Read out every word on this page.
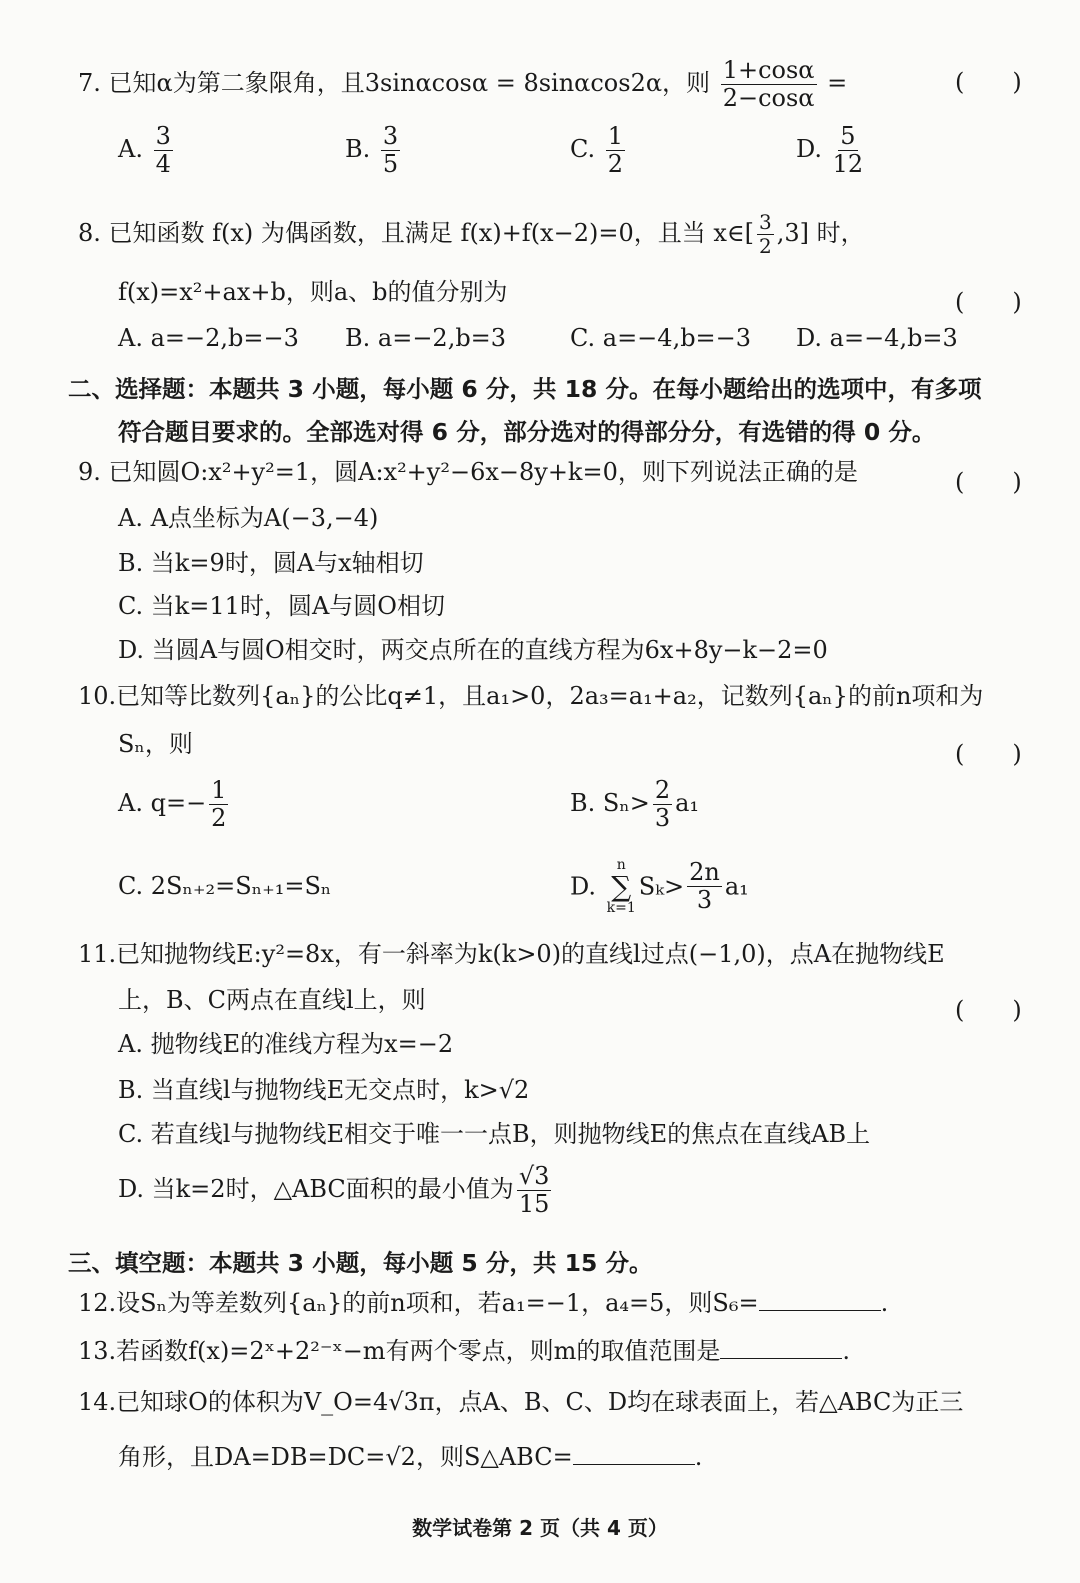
7. 已知α为第二象限角，且3sinαcosα = 8sinαcos2α，则 $\frac{1+\cos\alpha}{2-\cos\alpha}$ =	(　　)
A. $\frac{3}{4}$	B. $\frac{3}{5}$	C. $\frac{1}{2}$	D. $\frac{5}{12}$
8. 已知函数 f(x) 为偶函数，且满足 f(x)+f(x−2)=0，且当 x∈[ $\frac{3}{2} ,3$] 时，
f(x)=x²+ax+b，则a、b的值分别为	(　　)
A. a=−2,b=−3 B. a=−2,b=3	C. a=−4,b=−3 D. a=−4,b=3
二、选择题：本题共 3 小题，每小题 6 分，共 18 分。在每小题给出的选项中，有多项
符合题目要求的。全部选对得 6 分，部分选对的得部分分，有选错的得 0 分。
9. 已知圆O:x²+y²=1，圆A:x²+y²−6x−8y+k=0，则下列说法正确的是	(　　)
A. A点坐标为A(−3,−4)
B. 当k=9时，圆A与x轴相切
C. 当k=11时，圆A与圆O相切
D. 当圆A与圆O相交时，两交点所在的直线方程为6x+8y−k−2=0
10.已知等比数列{aₙ}的公比q≠1，且a₁>0，2a₃=a₁+a₂，记数列{aₙ}的前n项和为
Sₙ，则	(　　)
A. $q=- \frac{1}{2}$	B. $S_n> \frac{2}{3} a_1$
C. 2Sₙ₊₂=Sₙ₊₁=Sₙ	D.
n
∑
k=1
$S_k> \frac{2n}{3} a_1$
11.已知抛物线E:y²=8x，有一斜率为k(k>0)的直线l过点(−1,0)，点A在抛物线E
上，B、C两点在直线l上，则	(　　)
A. 抛物线E的准线方程为x=−2
B. 当直线l与抛物线E无交点时，k>√2
C. 若直线l与抛物线E相交于唯一一点B，则抛物线E的焦点在直线AB上
D. 当k=2时，△ABC面积的最小值为 $\frac{√3}{15}$
三、填空题：本题共 3 小题，每小题 5 分，共 15 分。
12.设Sₙ为等差数列{aₙ}的前n项和，若a₁=−1，a₄=5，则S₆=	.
13.若函数f(x)=2ˣ+2²⁻ˣ−m有两个零点，则m的取值范围是	.
14.已知球O的体积为V_O=4√3π，点A、B、C、D均在球表面上，若△ABC为正三
角形，且DA=DB=DC=√2，则S△ABC=	.
数学试卷第 2 页（共 4 页）
